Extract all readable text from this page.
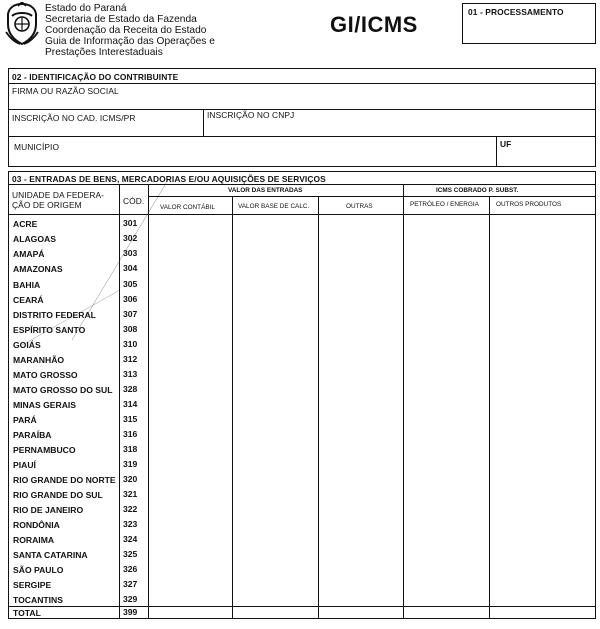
Estado do Paraná
Secretaria de Estado da Fazenda
Coordenação da Receita do Estado
Guia de Informação das Operações e
Prestações Interestaduais
GI/ICMS	01 - PROCESSAMENTO
02 - IDENTIFICAÇÃO DO CONTRIBUINTE
FIRMA OU RAZÃO SOCIAL
INSCRIÇÃO NO CAD. ICMS/PR	INSCRIÇÃO NO CNPJ
MUNICÍPIO	UF
03 - ENTRADAS DE BENS, MERCADORIAS E/OU AQUISIÇÕES DE SERVIÇOS
UNIDADE DA FEDERA-
ÇÃO DE ORIGEM	CÓD.
VALOR DAS ENTRADAS	ICMS COBRADO P. SUBST.
VALOR CONTÁBIL	VALOR BASE DE CALC.	OUTRAS	PETRÓLEO / ENERGIA	OUTROS PRODUTOS
ACRE	301
ALAGOAS	302
AMAPÁ	303
AMAZONAS	304
BAHIA	305
CEARÁ	306
DISTRITO FEDERAL	307
ESPÍRITO SANTO	308
GOIÁS	310
MARANHÃO	312
MATO GROSSO	313
MATO GROSSO DO SUL 328
MINAS GERAIS	314
PARÁ	315
PARAÍBA	316
PERNAMBUCO	318
PIAUÍ	319
RIO GRANDE DO NORTE 320
RIO GRANDE DO SUL 321
RIO DE JANEIRO	322
RONDÔNIA	323
RORAIMA	324
SANTA CATARINA	325
SÃO PAULO	326
SERGIPE	327
TOCANTINS	329
TOTAL	399
